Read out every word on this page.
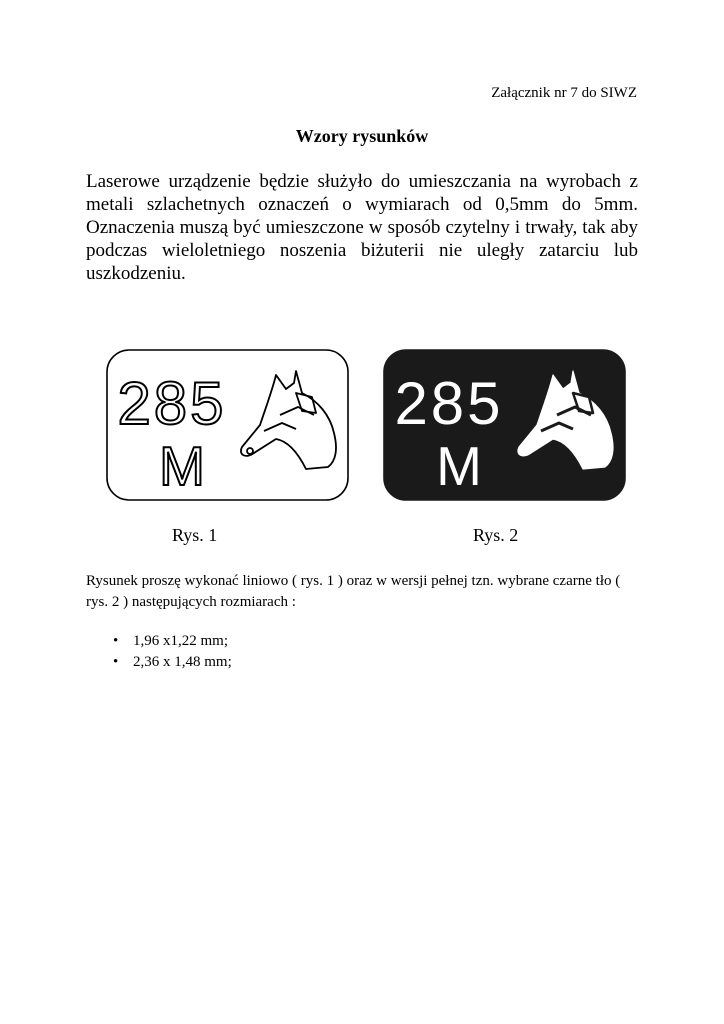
Załącznik nr 7 do SIWZ
Wzory rysunków

Laserowe urządzenie będzie służyło do umieszczania na wyrobach z metali szlachetnych oznaczeń o wymiarach od 0,5mm do 5mm. Oznaczenia muszą być umieszczone w sposób czytelny i trwały, tak aby podczas wieloletniego noszenia biżuterii nie uległy zatarciu lub uszkodzeniu.

285
M
285
M
Rys. 1	Rys. 2

Rysunek proszę wykonać liniowo ( rys. 1 ) oraz w wersji pełnej tzn. wybrane czarne tło ( rys. 2 ) następujących rozmiarach :

• 1,96 x1,22 mm;
• 2,36 x 1,48 mm;
